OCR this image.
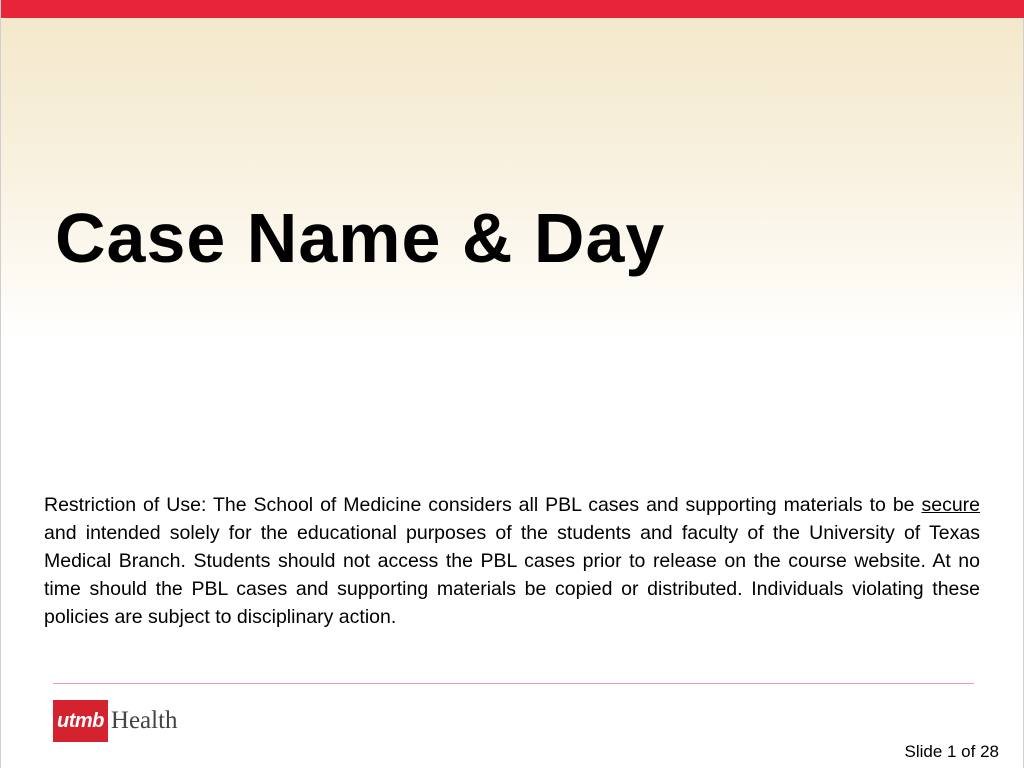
Case Name & Day

Restriction of Use: The School of Medicine considers all PBL cases and supporting materials to be secure and intended solely for the educational purposes of the students and faculty of the University of Texas Medical Branch. Students should not access the PBL cases prior to release on the course website. At no time should the PBL cases and supporting materials be copied or distributed. Individuals violating these policies are subject to disciplinary action.

utmb Health
Slide 1 of 28
